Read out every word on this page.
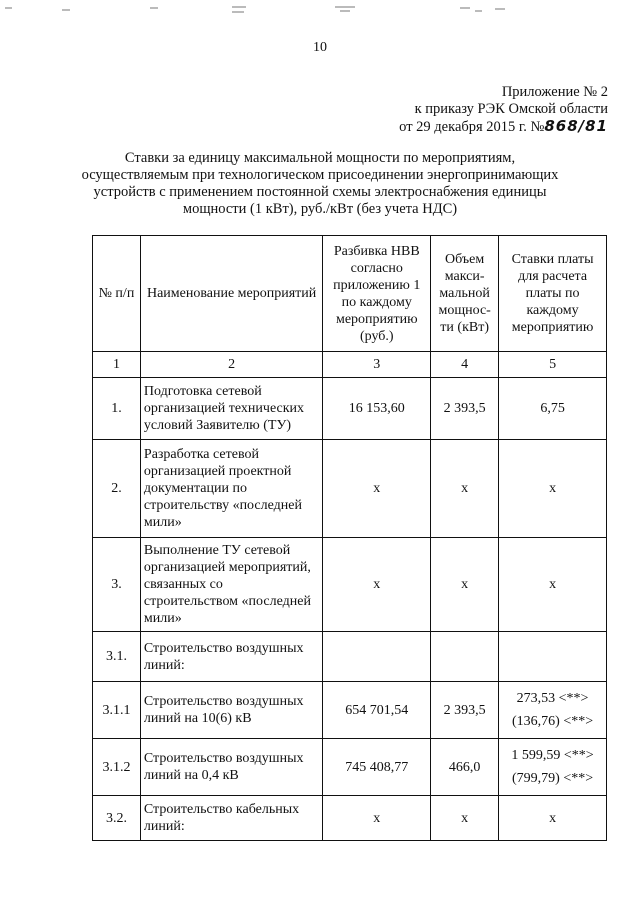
10
Приложение № 2
к приказу РЭК Омской области
от 29 декабря 2015 г. №868/81
Ставки за единицу максимальной мощности по мероприятиям, осуществляемым при технологическом присоединении энергопринимающих устройств с применением постоянной схемы электроснабжения единицы мощности (1 кВт), руб./кВт (без учета НДС)
№ п/п	Наименование мероприятий	Разбивка НВВ согласно приложению 1 по каждому мероприятию (руб.)	Объем макси-мальной мощнос-ти (кВт)	Ставки платы для расчета платы по каждому мероприятию
1	2	3	4	5
1.	Подготовка сетевой организацией технических условий Заявителю (ТУ)	16 153,60	2 393,5	6,75
2.	Разработка сетевой организацией проектной документации по строительству «последней мили»	х	х	х
3.	Выполнение ТУ сетевой организацией мероприятий, связанных со строительством «последней мили»	х	х	х
3.1.	Строительство воздушных линий:			
3.1.1	Строительство воздушных линий на 10(6) кВ	654 701,54	2 393,5	273,53 <**>
(136,76) <**>

3.1.2	Строительство воздушных линий на 0,4 кВ	745 408,77	466,0	1 599,59 <**>
(799,79) <**>

3.2.	Строительство кабельных линий:	х	х	х
